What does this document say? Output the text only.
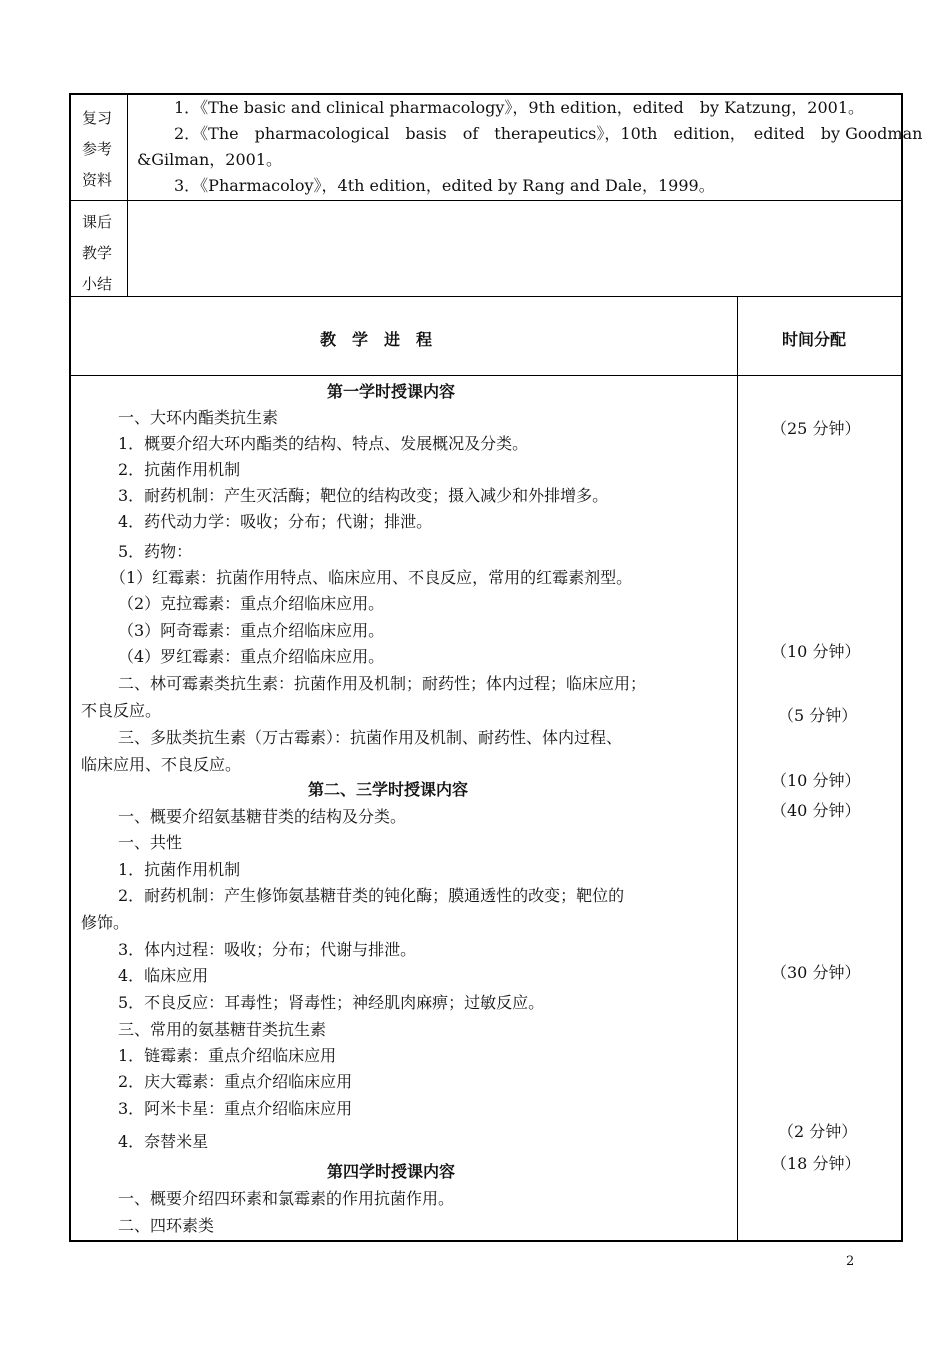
复习
参考
资料
1．《The basic and clinical pharmacology》，9th edition，edited　by Katzung，2001。
2．《The　pharmacological　basis　of　therapeutics》，10th　edition，　edited　by Goodman
&Gilman，2001。
3．《Pharmacoloy》，4th edition，edited by Rang and Dale，1999。
课后
教学
小结
教　学　进　程	时间分配
第一学时授课内容
一、大环内酯类抗生素
1．概要介绍大环内酯类的结构、特点、发展概况及分类。
2．抗菌作用机制
3．耐药机制：产生灭活酶；靶位的结构改变；摄入减少和外排增多。
4．药代动力学：吸收；分布；代谢；排泄。
5．药物：
（1）红霉素：抗菌作用特点、临床应用、不良反应，常用的红霉素剂型。
（2）克拉霉素：重点介绍临床应用。
（3）阿奇霉素：重点介绍临床应用。
（4）罗红霉素：重点介绍临床应用。
二、林可霉素类抗生素：抗菌作用及机制；耐药性；体内过程；临床应用；
不良反应。
三、多肽类抗生素（万古霉素）：抗菌作用及机制、耐药性、体内过程、
临床应用、不良反应。
第二、三学时授课内容
一、概要介绍氨基糖苷类的结构及分类。
一、共性
1．抗菌作用机制
2．耐药机制：产生修饰氨基糖苷类的钝化酶；膜通透性的改变；靶位的
修饰。
3．体内过程：吸收；分布；代谢与排泄。
4．临床应用
5．不良反应：耳毒性；肾毒性；神经肌肉麻痹；过敏反应。
三、常用的氨基糖苷类抗生素
1．链霉素：重点介绍临床应用
2．庆大霉素：重点介绍临床应用
3．阿米卡星：重点介绍临床应用
4．奈替米星
第四学时授课内容
一、概要介绍四环素和氯霉素的作用抗菌作用。
二、四环素类
（25 分钟）
（10 分钟）
（5 分钟）
（10 分钟）
（40 分钟）
（30 分钟）
（2 分钟）
（18 分钟）
2
